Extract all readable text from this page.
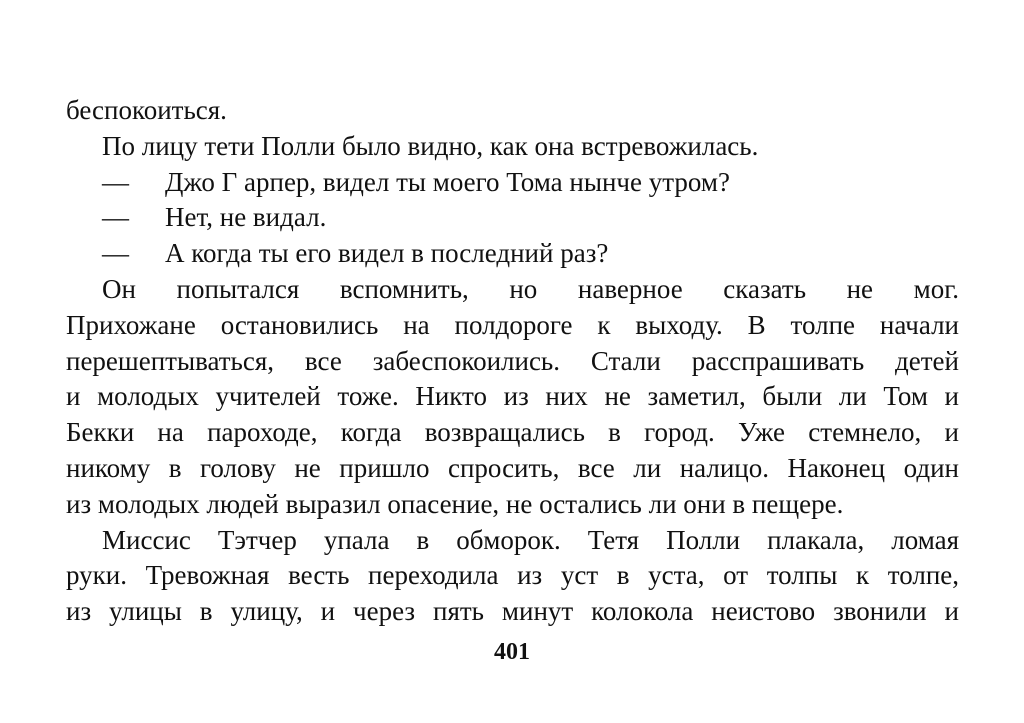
беспокоиться.
По лицу тети Полли было видно, как она встревожилась.
—	Джо Г арпер, видел ты моего Тома нынче утром?
—	Нет, не видал.
—	А когда ты его видел в последний раз?
Он попытался вспомнить, но наверное сказать не мог.
Прихожане остановились на полдороге к выходу. В толпе начали
перешептываться, все забеспокоились. Стали расспрашивать детей
и молодых учителей тоже. Никто из них не заметил, были ли Том и
Бекки на пароходе, когда возвращались в город. Уже стемнело, и
никому в голову не пришло спросить, все ли налицо. Наконец один
из молодых людей выразил опасение, не остались ли они в пещере.
Миссис Тэтчер упала в обморок. Тетя Полли плакала, ломая
руки. Тревожная весть переходила из уст в уста, от толпы к толпе,
из улицы в улицу, и через пять минут колокола неистово звонили и
401
